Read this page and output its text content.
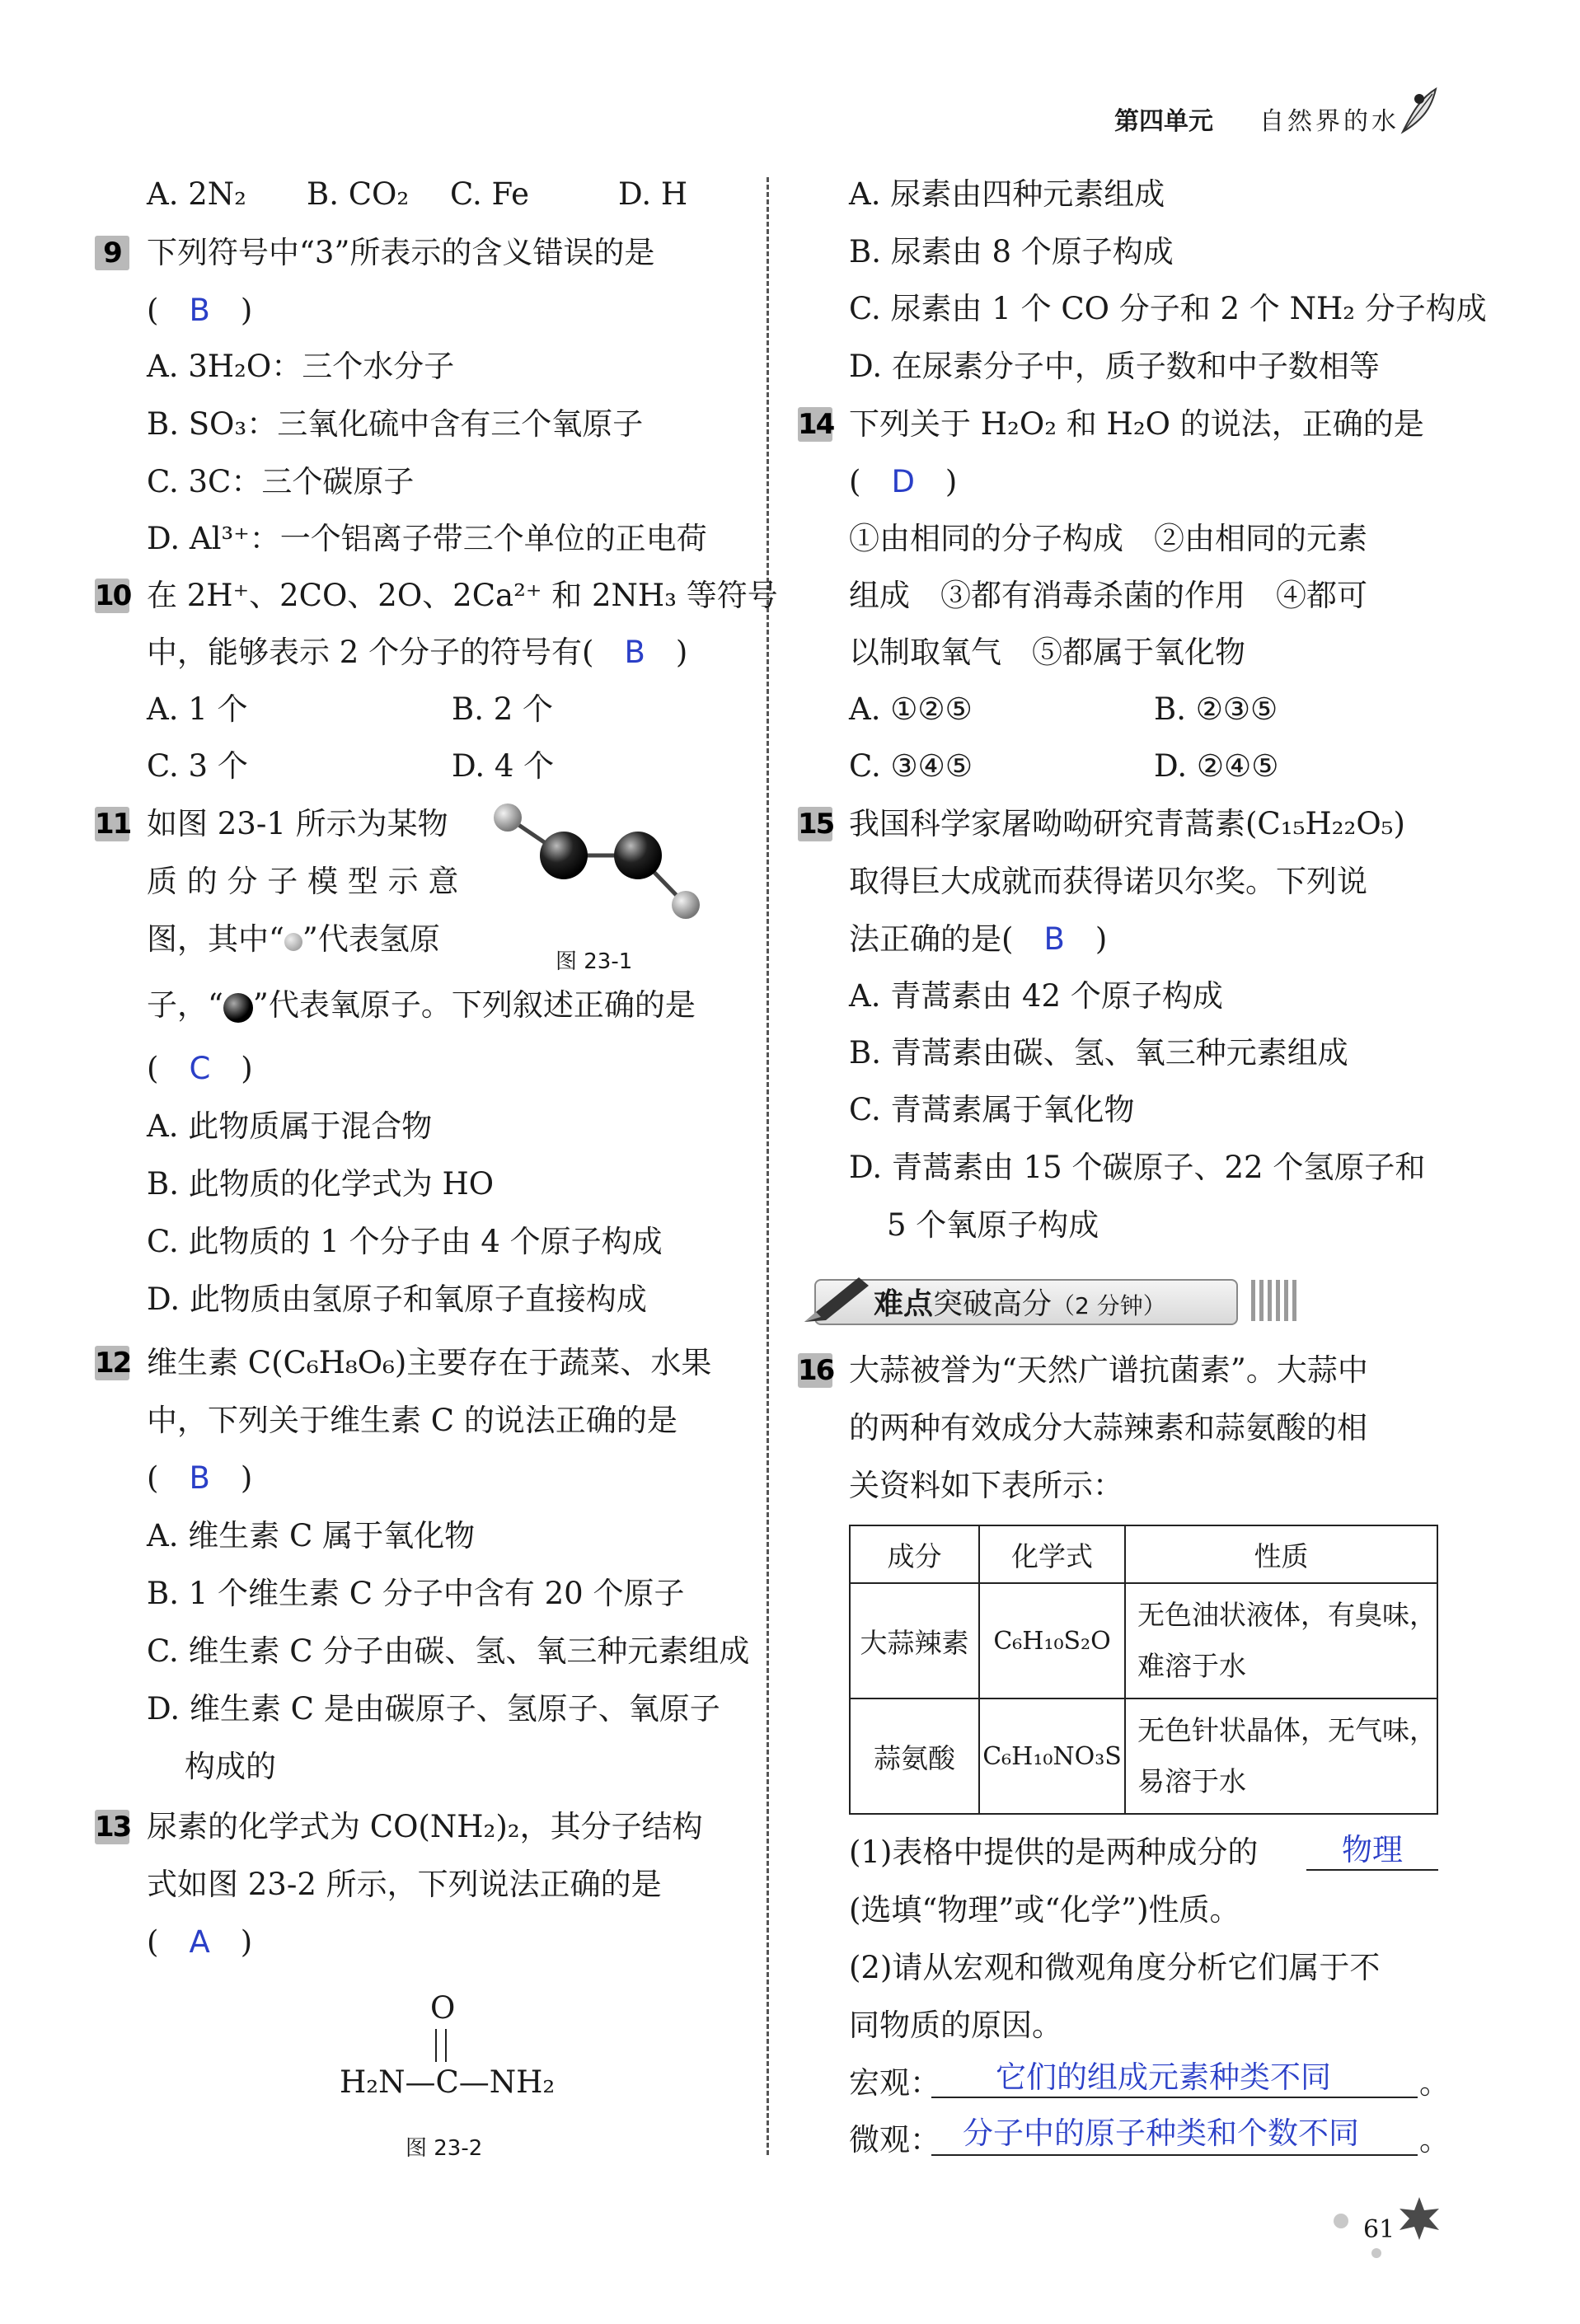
第四单元 自然界的水
A. 2N₂ B. CO₂ C. Fe	D. H
9 下列符号中“3”所表示的含义错误的是
(　B　)
A. 3H₂O：三个水分子
B. SO₃：三氧化硫中含有三个氧原子
C. 3C：三个碳原子
D. Al³⁺：一个铝离子带三个单位的正电荷
10 在 2H⁺、2CO、2O、2Ca²⁺ 和 2NH₃ 等符号
中，能够表示 2 个分子的符号有(　 B　)
A. 1 个	B. 2 个
C. 3 个	D. 4 个
11 如图 23-1 所示为某物
质 的 分 子 模 型 示 意
图，其中“ ”代表氢原
子，“ ”代表氧原子。下列叙述正确的是
(　C　)
图 23-1
A. 此物质属于混合物
B. 此物质的化学式为 HO
C. 此物质的 1 个分子由 4 个原子构成
D. 此物质由氢原子和氧原子直接构成
12 维生素 C(C₆H₈O₆)主要存在于蔬菜、水果
中，下列关于维生素 C 的说法正确的是
(　B　)
A. 维生素 C 属于氧化物
B. 1 个维生素 C 分子中含有 20 个原子
C. 维生素 C 分子由碳、氢、氧三种元素组成
D. 维生素 C 是由碳原子、氢原子、氧原子
构成的
13 尿素的化学式为 CO(NH₂)₂，其分子结构
式如图 23-2 所示，下列说法正确的是
(　A　)
O
H₂N—C—NH₂
图 23-2
A. 尿素由四种元素组成
B. 尿素由 8 个原子构成
C. 尿素由 1 个 CO 分子和 2 个 NH₂ 分子构成
D. 在尿素分子中，质子数和中子数相等
14 下列关于 H₂O₂ 和 H₂O 的说法，正确的是
(　D　)
①由相同的分子构成　②由相同的元素
组成　③都有消毒杀菌的作用　④都可
以制取氧气　⑤都属于氧化物
A. ①②⑤	B. ②③⑤
C. ③④⑤	D. ②④⑤
15 我国科学家屠呦呦研究青蒿素(C₁₅H₂₂O₅)
取得巨大成就而获得诺贝尔奖。下列说
法正确的是(　 B　)
A. 青蒿素由 42 个原子构成
B. 青蒿素由碳、氢、氧三种元素组成
C. 青蒿素属于氧化物
D. 青蒿素由 15 个碳原子、22 个氢原子和
5 个氧原子构成
难点突破高分（2 分钟）
16 大蒜被誉为“天然广谱抗菌素”。大蒜中
的两种有效成分大蒜辣素和蒜氨酸的相
关资料如下表所示：
成分	化学式	性质
大蒜辣素	C₆H₁₀S₂O	无色油状液体，有臭味，
难溶于水

蒜氨酸	C₆H₁₀NO₃S	无色针状晶体，无气味，
易溶于水
(1)表格中提供的是两种成分的	物理
(选填“物理”或“化学”)性质。
(2)请从宏观和微观角度分析它们属于不
同物质的原因。
宏观： 它们的组成元素种类不同	。
微观： 分子中的原子种类和个数不同 。
61
